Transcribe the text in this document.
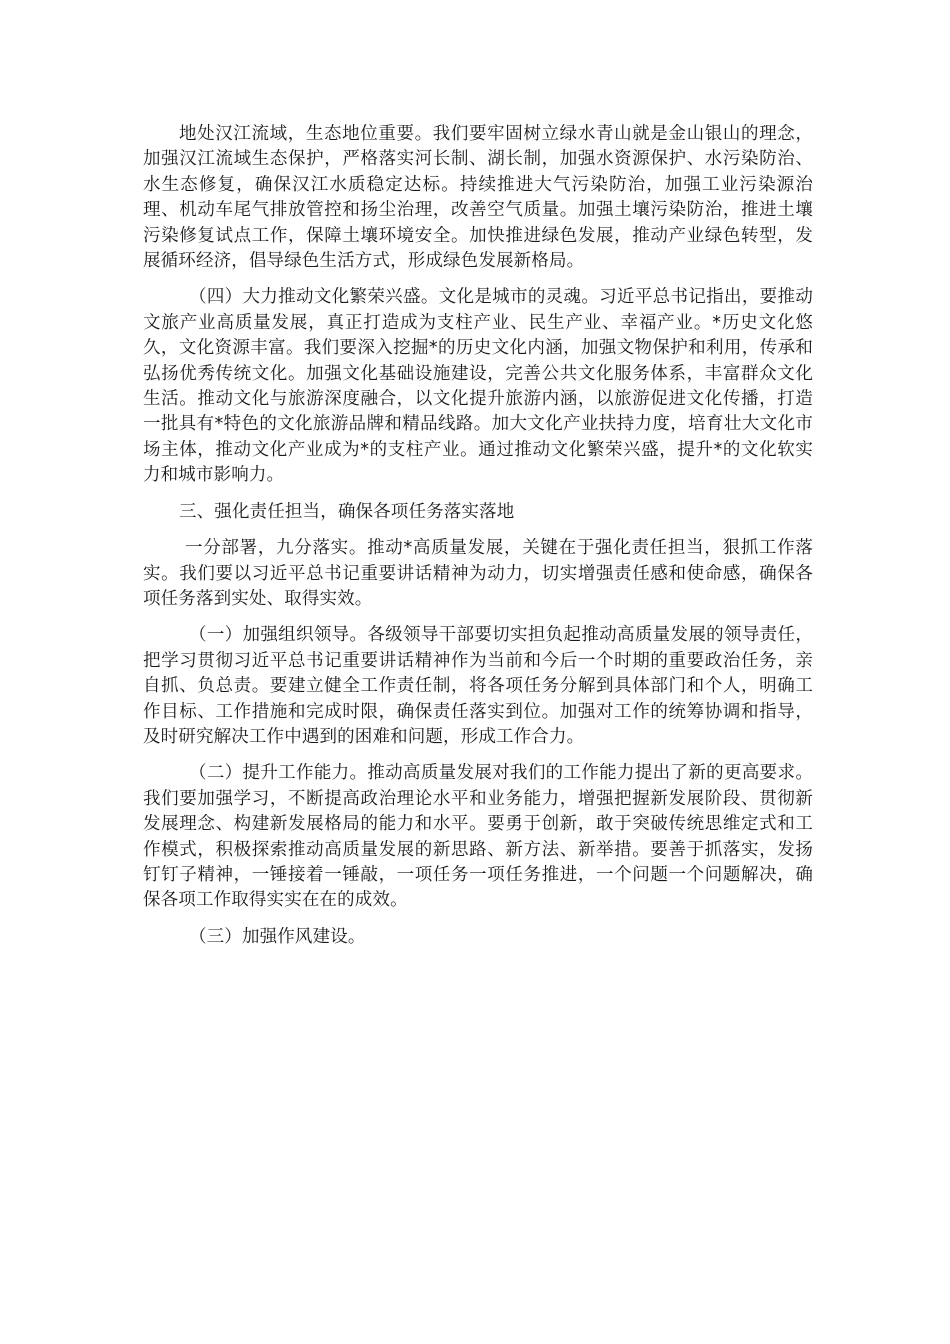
地处汉江流域，生态地位重要。我们要牢固树立绿水青山就是金山银山的理念，加强汉江流域生态保护，严格落实河长制、湖长制，加强水资源保护、水污染防治、水生态修复，确保汉江水质稳定达标。持续推进大气污染防治，加强工业污染源治理、机动车尾气排放管控和扬尘治理，改善空气质量。加强土壤污染防治，推进土壤污染修复试点工作，保障土壤环境安全。加快推进绿色发展，推动产业绿色转型，发展循环经济，倡导绿色生活方式，形成绿色发展新格局。

（四）大力推动文化繁荣兴盛。文化是城市的灵魂。习近平总书记指出，要推动文旅产业高质量发展，真正打造成为支柱产业、民生产业、幸福产业。*历史文化悠久，文化资源丰富。我们要深入挖掘*的历史文化内涵，加强文物保护和利用，传承和弘扬优秀传统文化。加强文化基础设施建设，完善公共文化服务体系，丰富群众文化生活。推动文化与旅游深度融合，以文化提升旅游内涵，以旅游促进文化传播，打造一批具有*特色的文化旅游品牌和精品线路。加大文化产业扶持力度，培育壮大文化市场主体，推动文化产业成为*的支柱产业。通过推动文化繁荣兴盛，提升*的文化软实力和城市影响力。

三、强化责任担当，确保各项任务落实落地

一分部署，九分落实。推动*高质量发展，关键在于强化责任担当，狠抓工作落实。我们要以习近平总书记重要讲话精神为动力，切实增强责任感和使命感，确保各项任务落到实处、取得实效。

（一）加强组织领导。各级领导干部要切实担负起推动高质量发展的领导责任，把学习贯彻习近平总书记重要讲话精神作为当前和今后一个时期的重要政治任务，亲自抓、负总责。要建立健全工作责任制，将各项任务分解到具体部门和个人，明确工作目标、工作措施和完成时限，确保责任落实到位。加强对工作的统筹协调和指导，及时研究解决工作中遇到的困难和问题，形成工作合力。

（二）提升工作能力。推动高质量发展对我们的工作能力提出了新的更高要求。我们要加强学习，不断提高政治理论水平和业务能力，增强把握新发展阶段、贯彻新发展理念、构建新发展格局的能力和水平。要勇于创新，敢于突破传统思维定式和工作模式，积极探索推动高质量发展的新思路、新方法、新举措。要善于抓落实，发扬钉钉子精神，一锤接着一锤敲，一项任务一项任务推进，一个问题一个问题解决，确保各项工作取得实实在在的成效。

（三）加强作风建设。
